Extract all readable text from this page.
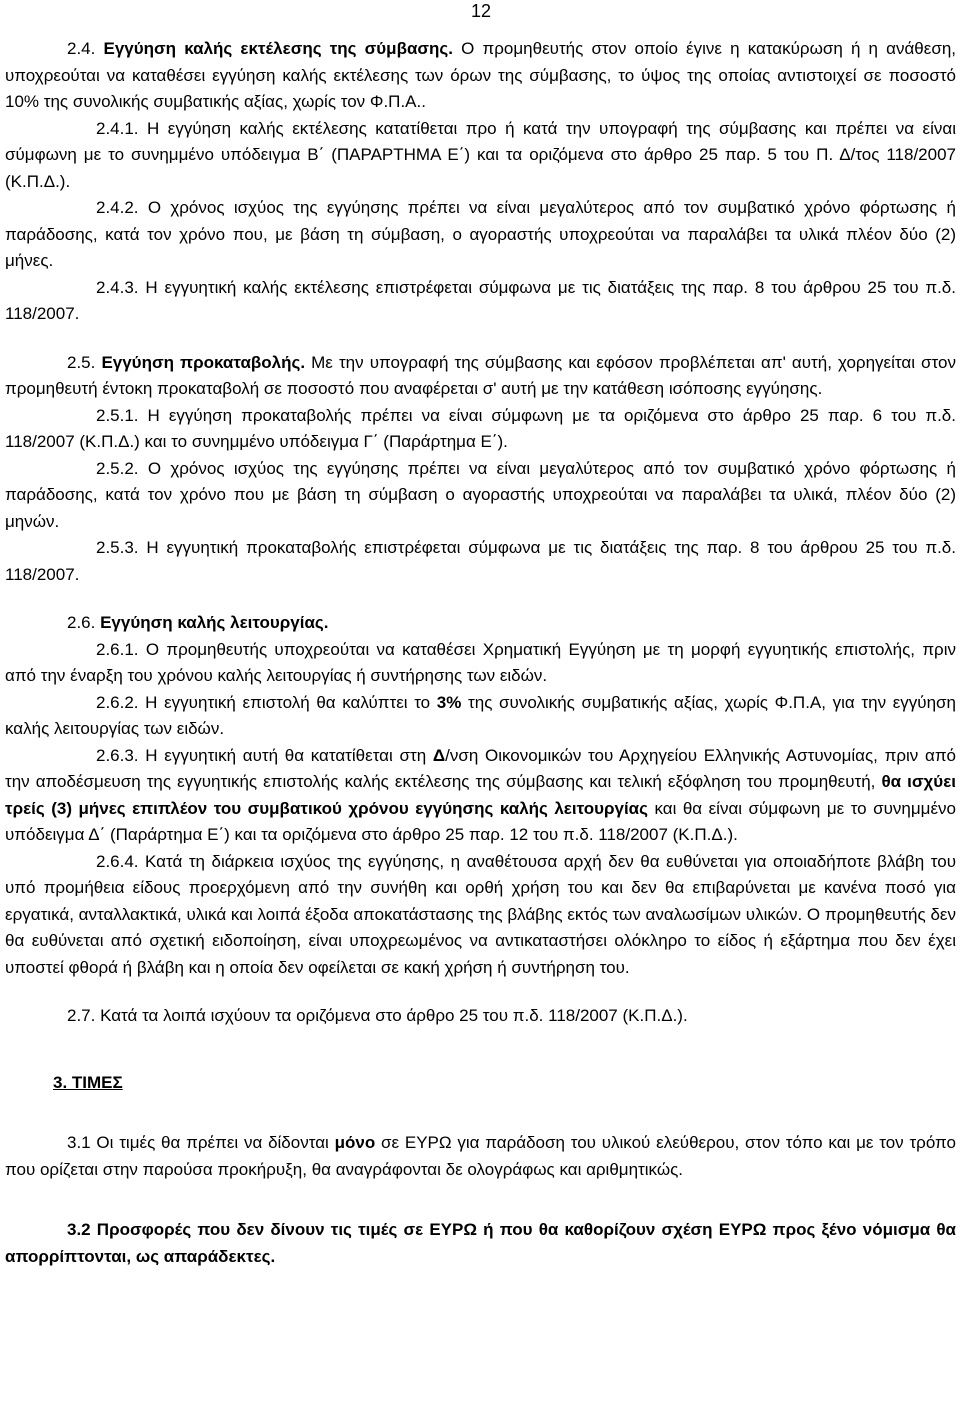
12

2.4. Εγγύηση καλής εκτέλεσης της σύμβασης. Ο προμηθευτής στον οποίο έγινε η κατακύρωση ή η ανάθεση, υποχρεούται να καταθέσει εγγύηση καλής εκτέλεσης των όρων της σύμβασης, το ύψος της οποίας αντιστοιχεί σε ποσοστό 10% της συνολικής συμβατικής αξίας, χωρίς τον Φ.Π.Α..

2.4.1. Η εγγύηση καλής εκτέλεσης κατατίθεται προ ή κατά την υπογραφή της σύμβασης και πρέπει να είναι σύμφωνη με το συνημμένο υπόδειγμα Β΄ (ΠΑΡΑΡΤΗΜΑ Ε΄) και τα οριζόμενα στο άρθρο 25 παρ. 5 του Π. Δ/τος 118/2007 (Κ.Π.Δ.).

2.4.2. Ο χρόνος ισχύος της εγγύησης πρέπει να είναι μεγαλύτερος από τον συμβατικό χρόνο φόρτωσης ή παράδοσης, κατά τον χρόνο που, με βάση τη σύμβαση, ο αγοραστής υποχρεούται να παραλάβει τα υλικά πλέον δύο (2) μήνες.

2.4.3. Η εγγυητική καλής εκτέλεσης επιστρέφεται σύμφωνα με τις διατάξεις της παρ. 8 του άρθρου 25 του π.δ. 118/2007.

2.5. Εγγύηση προκαταβολής. Με την υπογραφή της σύμβασης και εφόσον προβλέπεται απ' αυτή, χορηγείται στον προμηθευτή έντοκη προκαταβολή σε ποσοστό που αναφέρεται σ' αυτή με την κατάθεση ισόποσης εγγύησης.

2.5.1. Η εγγύηση προκαταβολής πρέπει να είναι σύμφωνη με τα οριζόμενα στο άρθρο 25 παρ. 6 του π.δ. 118/2007 (Κ.Π.Δ.) και το συνημμένο υπόδειγμα Γ΄ (Παράρτημα Ε΄).

2.5.2. Ο χρόνος ισχύος της εγγύησης πρέπει να είναι μεγαλύτερος από τον συμβατικό χρόνο φόρτωσης ή παράδοσης, κατά τον χρόνο που με βάση τη σύμβαση ο αγοραστής υποχρεούται να παραλάβει τα υλικά, πλέον δύο (2) μηνών.

2.5.3. Η εγγυητική προκαταβολής επιστρέφεται σύμφωνα με τις διατάξεις της παρ. 8 του άρθρου 25 του π.δ. 118/2007.

2.6. Εγγύηση καλής λειτουργίας.

2.6.1. Ο προμηθευτής υποχρεούται να καταθέσει Χρηματική Εγγύηση με τη μορφή εγγυητικής επιστολής, πριν από την έναρξη του χρόνου καλής λειτουργίας ή συντήρησης των ειδών.

2.6.2. Η εγγυητική επιστολή θα καλύπτει το 3% της συνολικής συμβατικής αξίας, χωρίς Φ.Π.Α, για την εγγύηση καλής λειτουργίας των ειδών.

2.6.3. Η εγγυητική αυτή θα κατατίθεται στη Δ/νση Οικονομικών του Αρχηγείου Ελληνικής Αστυνομίας, πριν από την αποδέσμευση της εγγυητικής επιστολής καλής εκτέλεσης της σύμβασης και τελική εξόφληση του προμηθευτή, θα ισχύει τρείς (3) μήνες επιπλέον του συμβατικού χρόνου εγγύησης καλής λειτουργίας και θα είναι σύμφωνη με το συνημμένο υπόδειγμα Δ΄ (Παράρτημα Ε΄) και τα οριζόμενα στο άρθρο 25 παρ. 12 του π.δ. 118/2007 (Κ.Π.Δ.).

2.6.4. Κατά τη διάρκεια ισχύος της εγγύησης, η αναθέτουσα αρχή δεν θα ευθύνεται για οποιαδήποτε βλάβη του υπό προμήθεια είδους προερχόμενη από την συνήθη και ορθή χρήση του και δεν θα επιβαρύνεται με κανένα ποσό για εργατικά, ανταλλακτικά, υλικά και λοιπά έξοδα αποκατάστασης της βλάβης εκτός των αναλωσίμων υλικών. Ο προμηθευτής δεν θα ευθύνεται από σχετική ειδοποίηση, είναι υποχρεωμένος να αντικαταστήσει ολόκληρο το είδος ή εξάρτημα που δεν έχει υποστεί φθορά ή βλάβη και η οποία δεν οφείλεται σε κακή χρήση ή συντήρηση του.

2.7. Κατά τα λοιπά ισχύουν τα οριζόμενα στο άρθρο 25 του π.δ. 118/2007 (Κ.Π.Δ.).

3. ΤΙΜΕΣ

3.1 Οι τιμές θα πρέπει να δίδονται μόνο σε ΕΥΡΩ για παράδοση του υλικού ελεύθερου, στον τόπο και με τον τρόπο που ορίζεται στην παρούσα προκήρυξη, θα αναγράφονται δε ολογράφως και αριθμητικώς.

3.2 Προσφορές που δεν δίνουν τις τιμές σε ΕΥΡΩ ή που θα καθορίζουν σχέση ΕΥΡΩ προς ξένο νόμισμα θα απορρίπτονται, ως απαράδεκτες.
